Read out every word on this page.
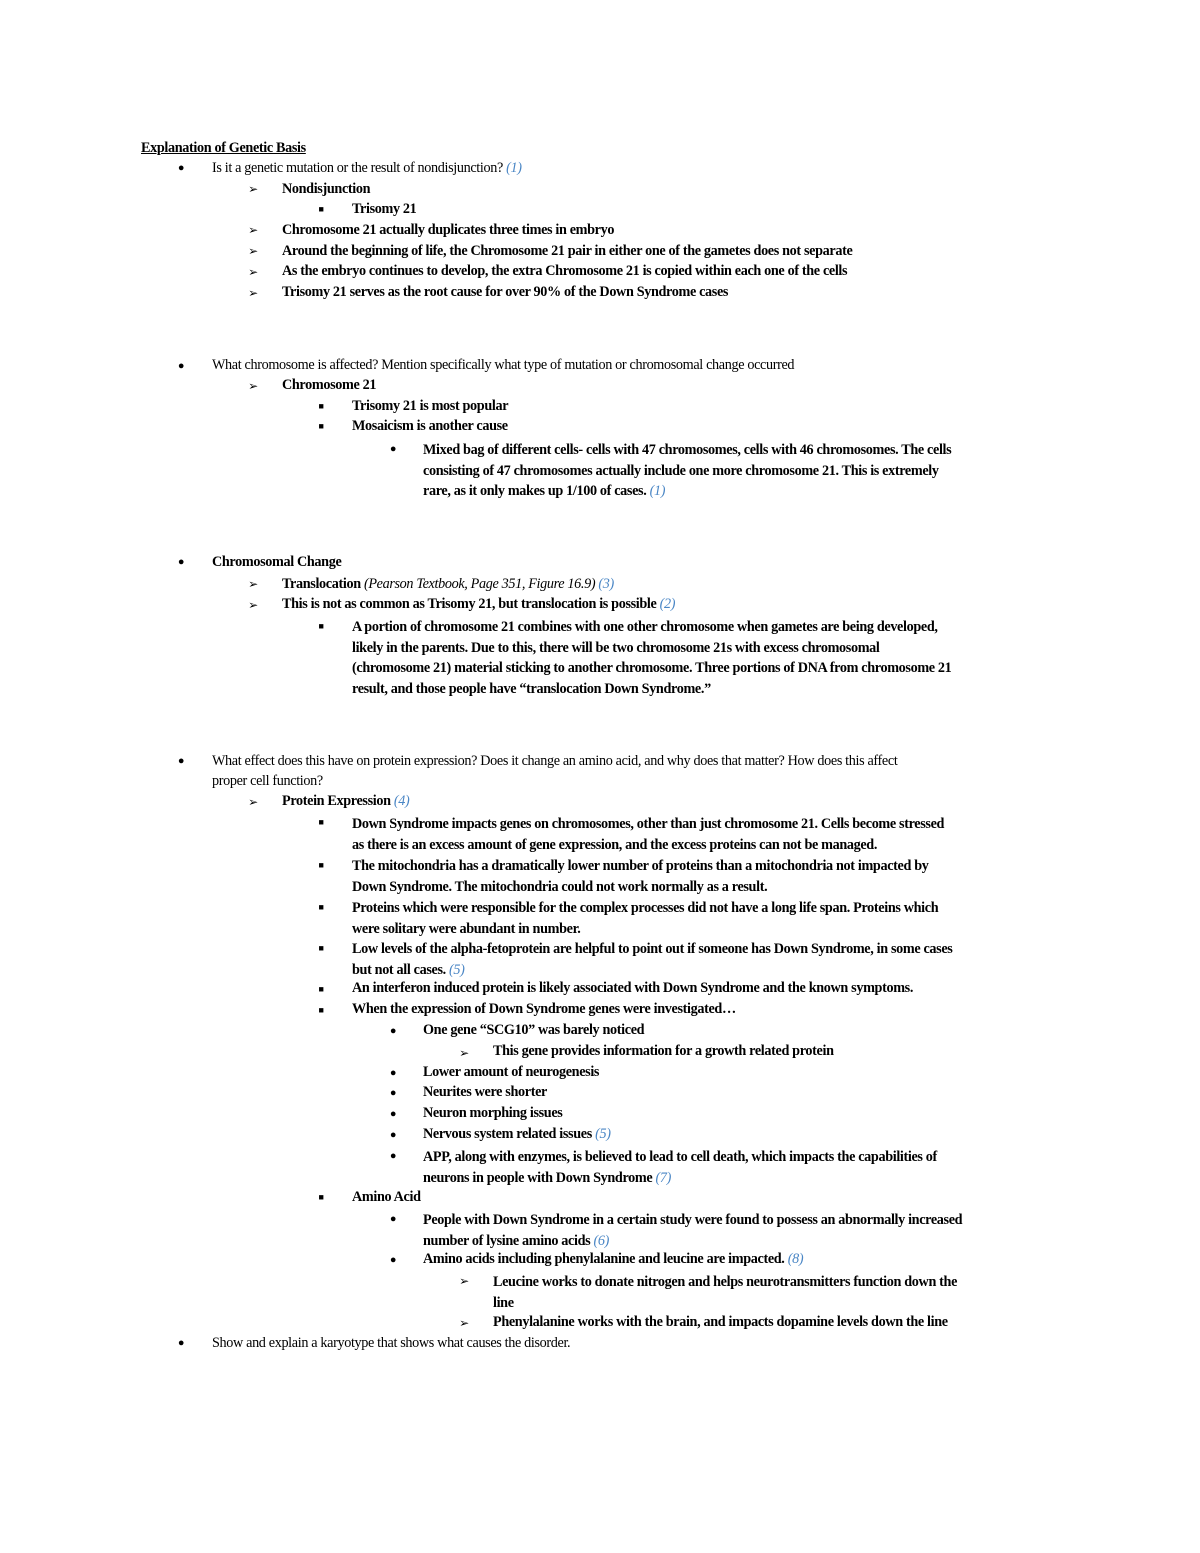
Explanation of Genetic Basis
● Is it a genetic mutation or the result of nondisjunction? (1)
➢ Nondisjunction
■	Trisomy 21
➢ Chromosome 21 actually duplicates three times in embryo
➢ Around the beginning of life, the Chromosome 21 pair in either one of the gametes does not separate
➢ As the embryo continues to develop, the extra Chromosome 21 is copied within each one of the cells
➢ Trisomy 21 serves as the root cause for over 90% of the Down Syndrome cases
● What chromosome is affected? Mention specifically what type of mutation or chromosomal change occurred
➢ Chromosome 21
■	Trisomy 21 is most popular
■	Mosaicism is another cause
● Mixed bag of different cells- cells with 47 chromosomes, cells with 46 chromosomes. The cells
consisting of 47 chromosomes actually include one more chromosome 21. This is extremely
rare, as it only makes up 1/100 of cases. (1)
● Chromosomal Change
➢ Translocation (Pearson Textbook, Page 351, Figure 16.9) (3)
➢ This is not as common as Trisomy 21, but translocation is possible (2)
■	A portion of chromosome 21 combines with one other chromosome when gametes are being developed,
likely in the parents. Due to this, there will be two chromosome 21s with excess chromosomal
(chromosome 21) material sticking to another chromosome. Three portions of DNA from chromosome 21
result, and those people have “translocation Down Syndrome.”
● What effect does this have on protein expression? Does it change an amino acid, and why does that matter? How does this affect
proper cell function?
➢ Protein Expression (4)
■	Down Syndrome impacts genes on chromosomes, other than just chromosome 21. Cells become stressed
as there is an excess amount of gene expression, and the excess proteins can not be managed.
■	The mitochondria has a dramatically lower number of proteins than a mitochondria not impacted by
Down Syndrome. The mitochondria could not work normally as a result.
■	Proteins which were responsible for the complex processes did not have a long life span. Proteins which
were solitary were abundant in number.
■	Low levels of the alpha-fetoprotein are helpful to point out if someone has Down Syndrome, in some cases
but not all cases. (5)
■	An interferon induced protein is likely associated with Down Syndrome and the known symptoms.
■	When the expression of Down Syndrome genes were investigated…
● One gene “SCG10” was barely noticed
➢ This gene provides information for a growth related protein
● Lower amount of neurogenesis
● Neurites were shorter
● Neuron morphing issues
● Nervous system related issues (5)
● APP, along with enzymes, is believed to lead to cell death, which impacts the capabilities of
neurons in people with Down Syndrome (7)
■	Amino Acid
● People with Down Syndrome in a certain study were found to possess an abnormally increased
number of lysine amino acids (6)
● Amino acids including phenylalanine and leucine are impacted. (8)
➢ Leucine works to donate nitrogen and helps neurotransmitters function down the
line
➢ Phenylalanine works with the brain, and impacts dopamine levels down the line
● Show and explain a karyotype that shows what causes the disorder.
